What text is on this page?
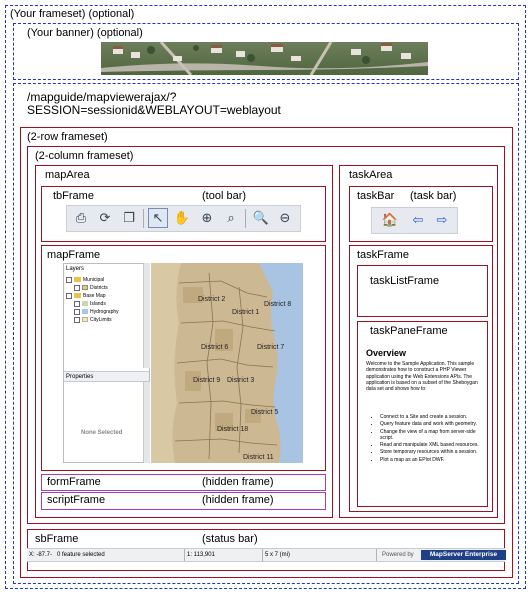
(Your frameset) (optional)
(Your banner) (optional)
/mapguide/mapviewerajax/?
SESSION=sessionid&WEBLAYOUT=weblayout
(2-row frameset)
(2-column frameset)
mapArea
tbFrame	(tool bar)
⎙ ⟳ ❐ ↖ ✋ ⊕ ⌕ 🔍 ⊖
mapFrame
Layers
Municipal
Districts
Base Map
Islands
Hydrography
CityLimits
Properties
None Selected
District 2
District 8
District 1
District 6	District 7
District 9 District 3
District 5
District 18
District 11
formFrame	(hidden frame)
scriptFrame	(hidden frame)
taskArea
taskBar (task bar)
🏠 ⇦ ⇨
taskFrame
taskListFrame
taskPaneFrame
Overview
Welcome to the Sample Application. This sample demonstrates how to construct a PHP Viewer application using the Web Extensions APIs. The application is based on a subset of the Sheboygan data set and shows how to:
• Connect to a Site and create a session.
• Query feature data and work with geometry.
• Change the view of a map from server-side script.
• Read and manipulate XML based resources.
• Store temporary resources within a session.
• Plot a map as an EPlot DWF.
sbFrame	(status bar)
X: -87.7- 0 feature selected	1: 113,901	5 x 7 (mi)	Powered by	MapServer Enterprise
